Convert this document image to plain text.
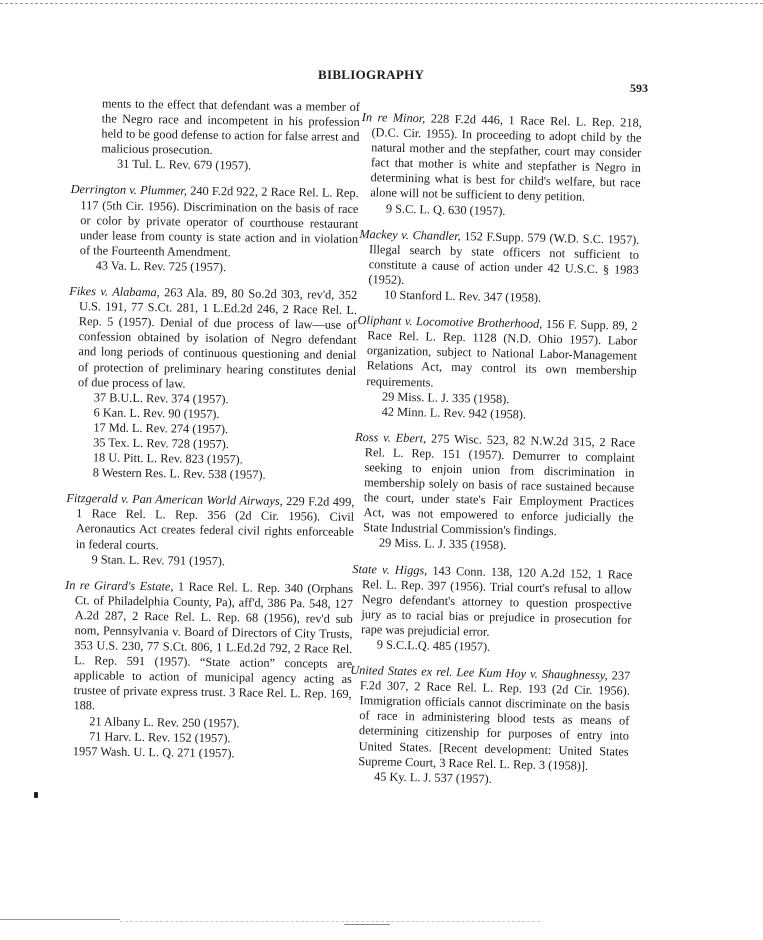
BIBLIOGRAPHY
593
ments to the effect that defendant was a member of the Negro race and incompetent in his profession held to be good defense to action for false arrest and malicious prosecution.
31 Tul. L. Rev. 679 (1957).
Derrington v. Plummer, 240 F.2d 922, 2 Race Rel. L. Rep. 117 (5th Cir. 1956). Discrimination on the basis of race or color by private operator of courthouse restaurant under lease from county is state action and in violation of the Fourteenth Amendment.
43 Va. L. Rev. 725 (1957).
Fikes v. Alabama, 263 Ala. 89, 80 So.2d 303, rev'd, 352 U.S. 191, 77 S.Ct. 281, 1 L.Ed.2d 246, 2 Race Rel. L. Rep. 5 (1957). Denial of due process of law—use of confession obtained by isolation of Negro defendant and long periods of continuous questioning and denial of protection of preliminary hearing constitutes denial of due process of law.
37 B.U.L. Rev. 374 (1957).
6 Kan. L. Rev. 90 (1957).
17 Md. L. Rev. 274 (1957).
35 Tex. L. Rev. 728 (1957).
18 U. Pitt. L. Rev. 823 (1957).
8 Western Res. L. Rev. 538 (1957).
Fitzgerald v. Pan American World Airways, 229 F.2d 499, 1 Race Rel. L. Rep. 356 (2d Cir. 1956). Civil Aeronautics Act creates federal civil rights enforceable in federal courts.
9 Stan. L. Rev. 791 (1957).
In re Girard's Estate, 1 Race Rel. L. Rep. 340 (Orphans Ct. of Philadelphia County, Pa), aff'd, 386 Pa. 548, 127 A.2d 287, 2 Race Rel. L. Rep. 68 (1956), rev'd sub nom, Pennsylvania v. Board of Directors of City Trusts, 353 U.S. 230, 77 S.Ct. 806, 1 L.Ed.2d 792, 2 Race Rel. L. Rep. 591 (1957). “State action” concepts are applicable to action of municipal agency acting as trustee of private express trust. 3 Race Rel. L. Rep. 169, 188.
21 Albany L. Rev. 250 (1957).
71 Harv. L. Rev. 152 (1957).
1957 Wash. U. L. Q. 271 (1957).
In re Minor, 228 F.2d 446, 1 Race Rel. L. Rep. 218, (D.C. Cir. 1955). In proceeding to adopt child by the natural mother and the stepfather, court may consider fact that mother is white and stepfather is Negro in determining what is best for child's welfare, but race alone will not be sufficient to deny petition.
9 S.C. L. Q. 630 (1957).
Mackey v. Chandler, 152 F.Supp. 579 (W.D. S.C. 1957). Illegal search by state officers not sufficient to constitute a cause of action under 42 U.S.C. § 1983 (1952).
10 Stanford L. Rev. 347 (1958).
Oliphant v. Locomotive Brotherhood, 156 F. Supp. 89, 2 Race Rel. L. Rep. 1128 (N.D. Ohio 1957). Labor organization, subject to National Labor-Management Relations Act, may control its own membership requirements.
29 Miss. L. J. 335 (1958).
42 Minn. L. Rev. 942 (1958).
Ross v. Ebert, 275 Wisc. 523, 82 N.W.2d 315, 2 Race Rel. L. Rep. 151 (1957). Demurrer to complaint seeking to enjoin union from discrimination in membership solely on basis of race sustained because the court, under state's Fair Employment Practices Act, was not empowered to enforce judicially the State Industrial Commission's findings.
29 Miss. L. J. 335 (1958).
State v. Higgs, 143 Conn. 138, 120 A.2d 152, 1 Race Rel. L. Rep. 397 (1956). Trial court's refusal to allow Negro defendant's attorney to question prospective jury as to racial bias or prejudice in prosecution for rape was prejudicial error.
9 S.C.L.Q. 485 (1957).
United States ex rel. Lee Kum Hoy v. Shaughnessy, 237 F.2d 307, 2 Race Rel. L. Rep. 193 (2d Cir. 1956). Immigration officials cannot discriminate on the basis of race in administering blood tests as means of determining citizenship for purposes of entry into United States. [Recent development: United States Supreme Court, 3 Race Rel. L. Rep. 3 (1958)].
45 Ky. L. J. 537 (1957).
